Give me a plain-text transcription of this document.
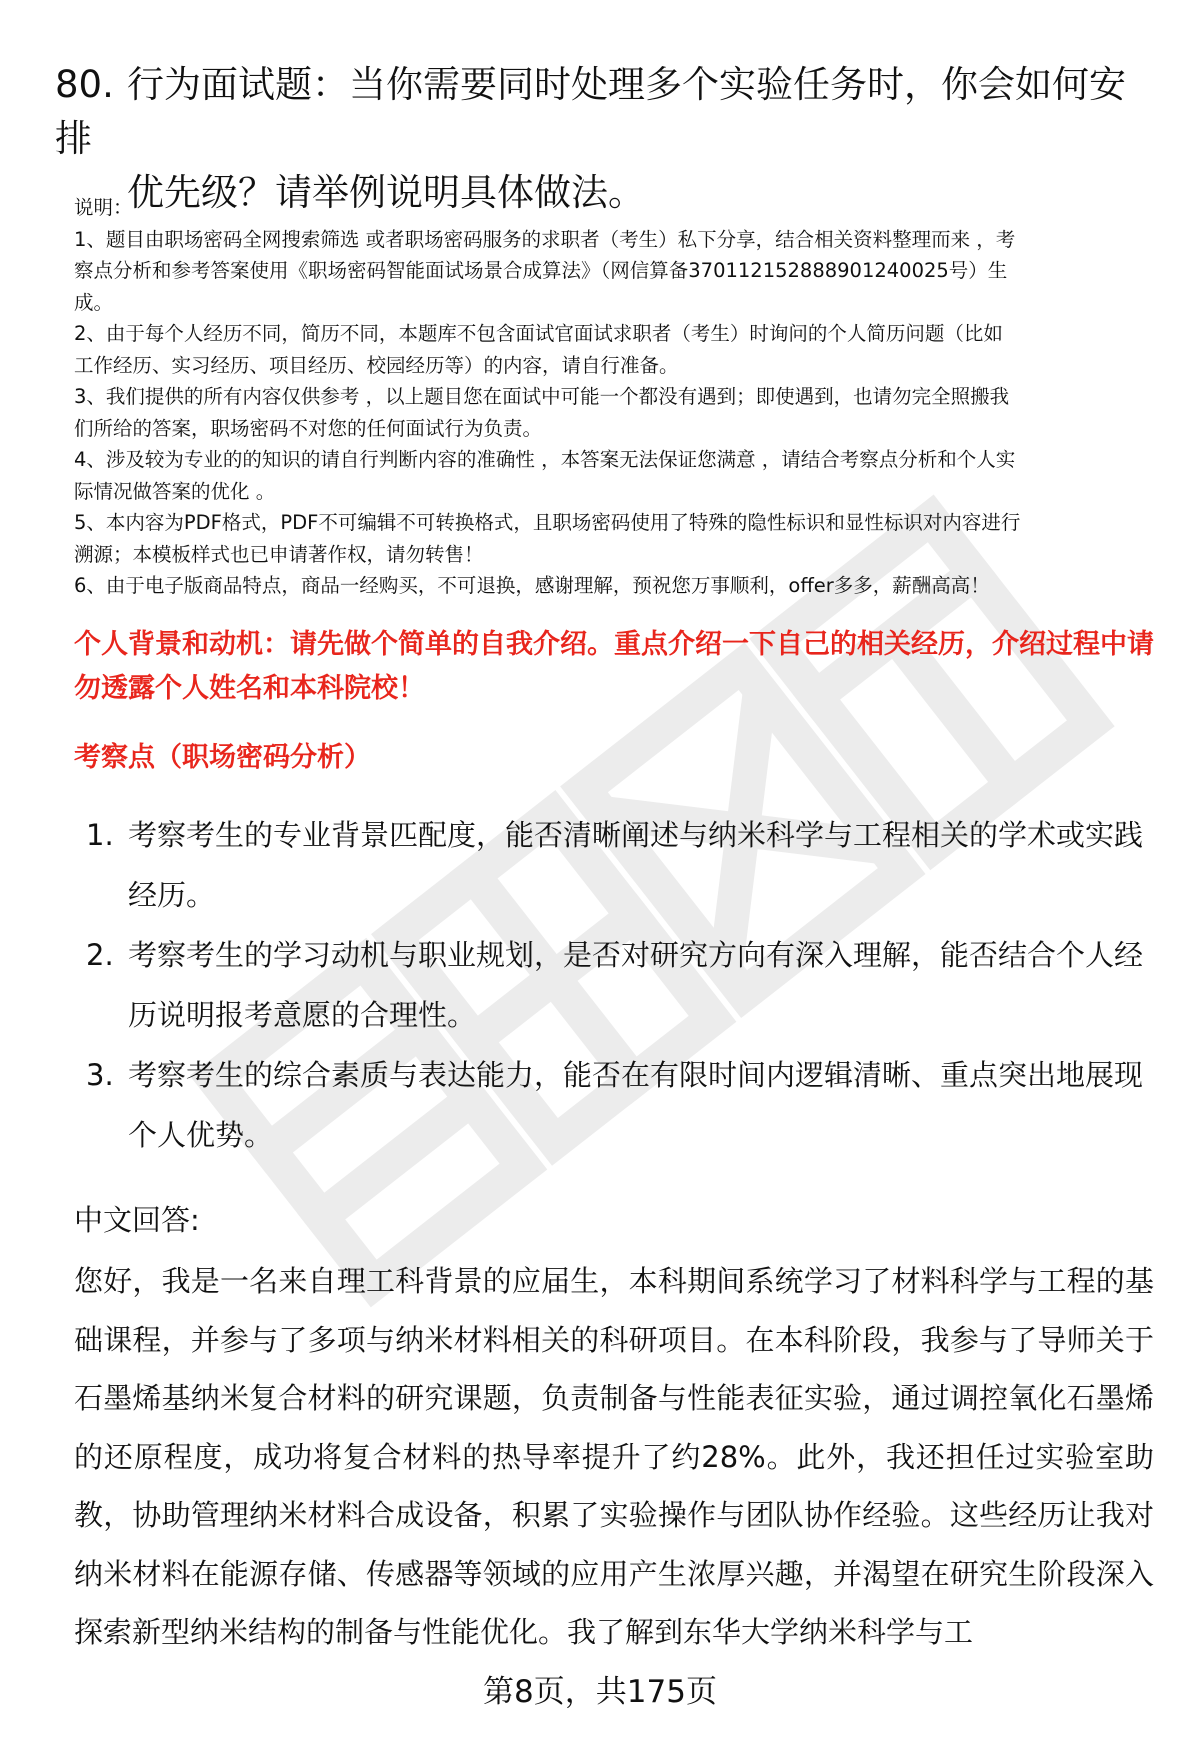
80. 行为面试题：当你需要同时处理多个实验任务时，你会如何安排
优先级？请举例说明具体做法。

说明：

1、题目由职场密码全网搜索筛选 或者职场密码服务的求职者（考生）私下分享，结合相关资料整理而来 ，考

察点分析和参考答案使用《职场密码智能面试场景合成算法》（网信算备370112152888901240025号）生

成。

2、由于每个人经历不同，简历不同，本题库不包含面试官面试求职者（考生）时询问的个人简历问题（比如

工作经历、实习经历、项目经历、校园经历等）的内容，请自行准备。

3、我们提供的所有内容仅供参考 ，以上题目您在面试中可能一个都没有遇到；即使遇到，也请勿完全照搬我

们所给的答案，职场密码不对您的任何面试行为负责。

4、涉及较为专业的的知识的请自行判断内容的准确性 ，本答案无法保证您满意 ，请结合考察点分析和个人实

际情况做答案的优化 。

5、本内容为PDF格式，PDF不可编辑不可转换格式，且职场密码使用了特殊的隐性标识和显性标识对内容进行

溯源；本模板样式也已申请著作权，请勿转售！

6、由于电子版商品特点，商品一经购买，不可退换，感谢理解，预祝您万事顺利，offer多多，薪酬高高！

个人背景和动机：请先做个简单的自我介绍。重点介绍一下自己的相关经历，介绍过程中请勿透露个人姓名和本科院校！
考察点（职场密码分析）
1. 考察考生的专业背景匹配度，能否清晰阐述与纳米科学与工程相关的学术或实践经历。
2. 考察考生的学习动机与职业规划，是否对研究方向有深入理解，能否结合个人经历说明报考意愿的合理性。
3. 考察考生的综合素质与表达能力，能否在有限时间内逻辑清晰、重点突出地展现个人优势。
中文回答:
您好，我是一名来自理工科背景的应届生，本科期间系统学习了材料科学与工程的基础课程，并参与了多项与纳米材料相关的科研项目。在本科阶段，我参与了导师关于石墨烯基纳米复合材料的研究课题，负责制备与性能表征实验，通过调控氧化石墨烯的还原程度，成功将复合材料的热导率提升了约28%。此外，我还担任过实验室助教，协助管理纳米材料合成设备，积累了实验操作与团队协作经验。这些经历让我对纳米材料在能源存储、传感器等领域的应用产生浓厚兴趣，并渴望在研究生阶段深入探索新型纳米结构的制备与性能优化。我了解到东华大学纳米科学与工
第8页，共175页
